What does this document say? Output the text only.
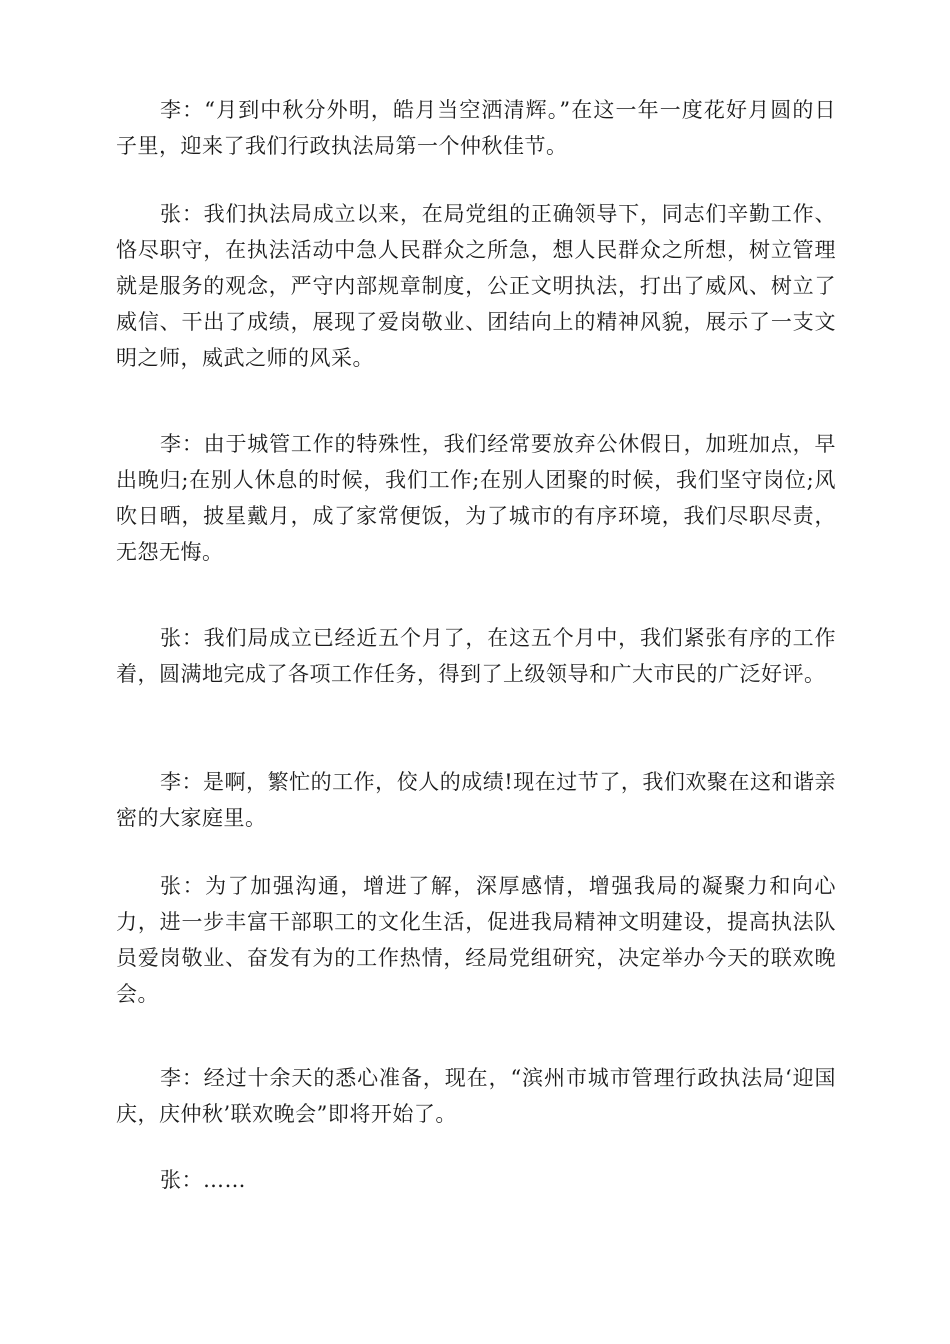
李：“月到中秋分外明，皓月当空洒清辉。”在这一年一度花好月圆的日子里，迎来了我们行政执法局第一个仲秋佳节。

张：我们执法局成立以来，在局党组的正确领导下，同志们辛勤工作、恪尽职守，在执法活动中急人民群众之所急，想人民群众之所想，树立管理就是服务的观念，严守内部规章制度，公正文明执法，打出了威风、树立了威信、干出了成绩，展现了爱岗敬业、团结向上的精神风貌，展示了一支文明之师，威武之师的风采。

李：由于城管工作的特殊性，我们经常要放弃公休假日，加班加点，早出晚归;在别人休息的时候，我们工作;在别人团聚的时候，我们坚守岗位;风吹日晒，披星戴月，成了家常便饭，为了城市的有序环境，我们尽职尽责，无怨无悔。

张：我们局成立已经近五个月了，在这五个月中，我们紧张有序的工作着，圆满地完成了各项工作任务，得到了上级领导和广大市民的广泛好评。

李：是啊，繁忙的工作，佼人的成绩!现在过节了，我们欢聚在这和谐亲密的大家庭里。

张：为了加强沟通，增进了解，深厚感情，增强我局的凝聚力和向心力，进一步丰富干部职工的文化生活，促进我局精神文明建设，提高执法队员爱岗敬业、奋发有为的工作热情，经局党组研究，决定举办今天的联欢晚会。

李：经过十余天的悉心准备，现在，“滨州市城市管理行政执法局‘迎国庆，庆仲秋’联欢晚会”即将开始了。

张：……
